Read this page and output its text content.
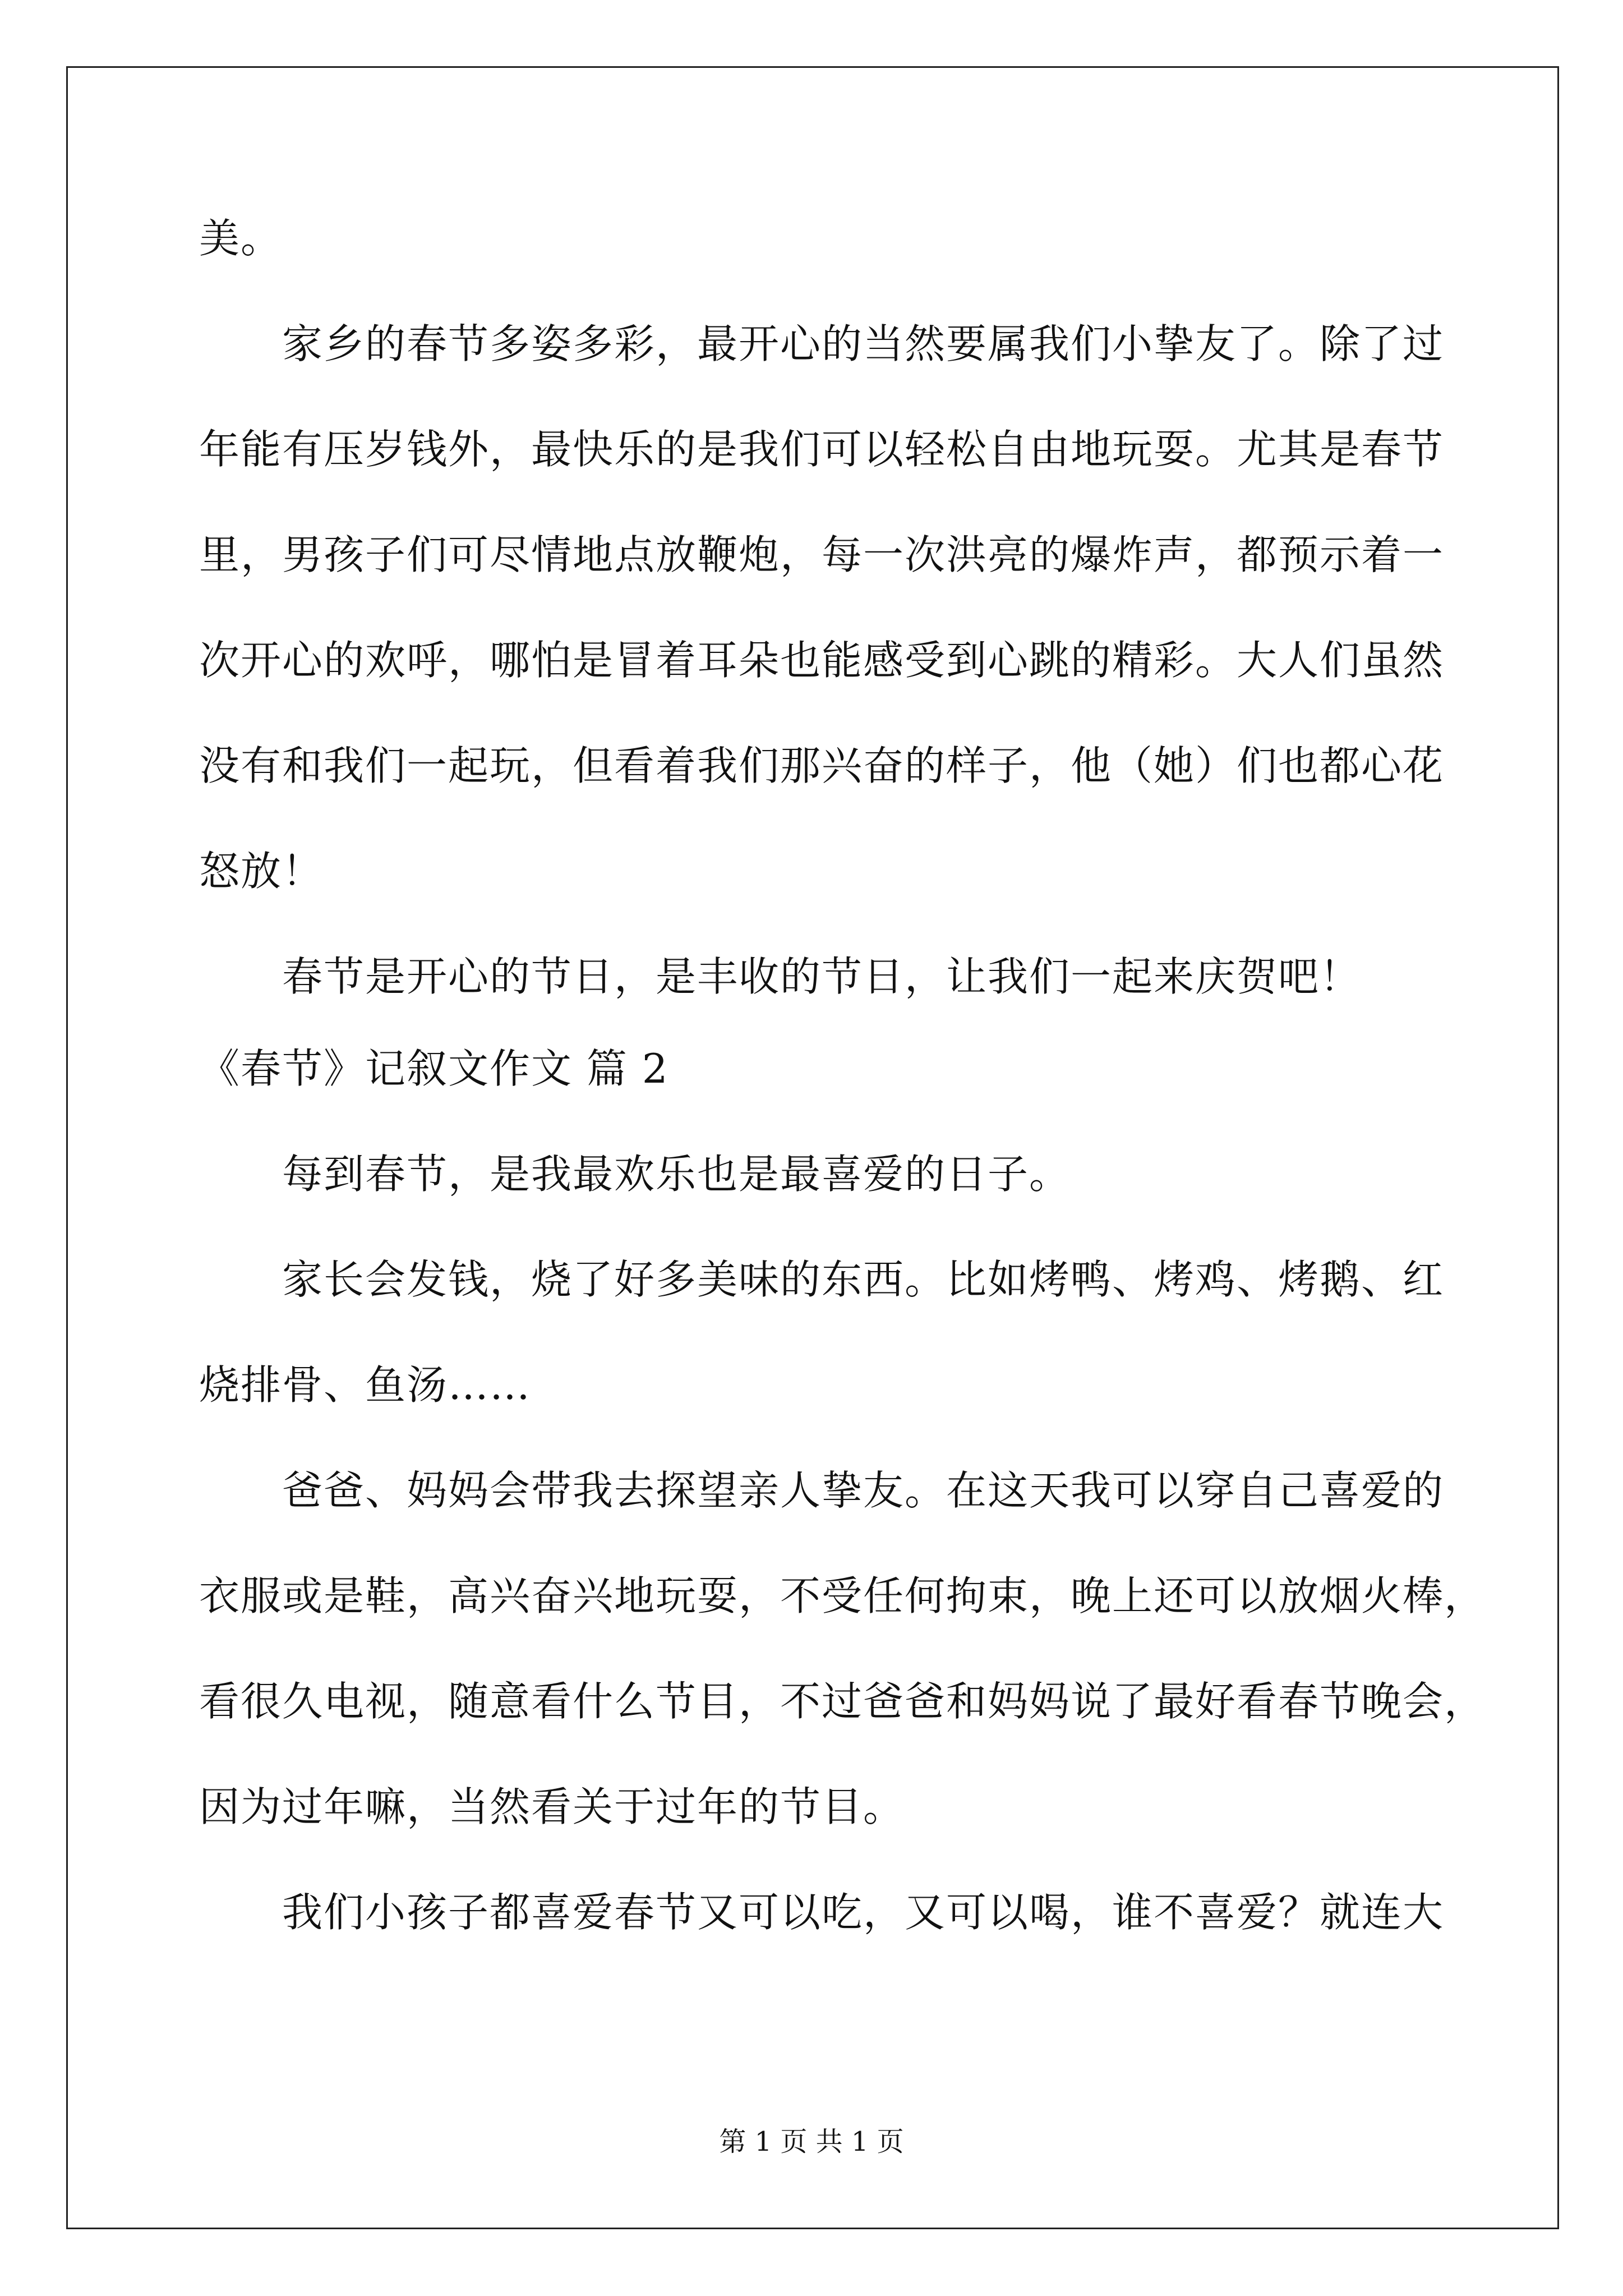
美。
家乡的春节多姿多彩，最开心的当然要属我们小挚友了。除了过
年能有压岁钱外，最快乐的是我们可以轻松自由地玩耍。尤其是春节
里，男孩子们可尽情地点放鞭炮，每一次洪亮的爆炸声，都预示着一
次开心的欢呼，哪怕是冒着耳朵也能感受到心跳的精彩。大人们虽然
没有和我们一起玩，但看着我们那兴奋的样子，他（她）们也都心花
怒放！
春节是开心的节日，是丰收的节日，让我们一起来庆贺吧！
《春节》记叙文作文 篇 2
每到春节，是我最欢乐也是最喜爱的日子。
家长会发钱，烧了好多美味的东西。比如烤鸭、烤鸡、烤鹅、红
烧排骨、鱼汤……
爸爸、妈妈会带我去探望亲人挚友。在这天我可以穿自己喜爱的
衣服或是鞋，高兴奋兴地玩耍，不受任何拘束，晚上还可以放烟火棒，
看很久电视，随意看什么节目，不过爸爸和妈妈说了最好看春节晚会，
因为过年嘛，当然看关于过年的节目。
我们小孩子都喜爱春节又可以吃，又可以喝，谁不喜爱？就连大
第 1 页 共 1 页
